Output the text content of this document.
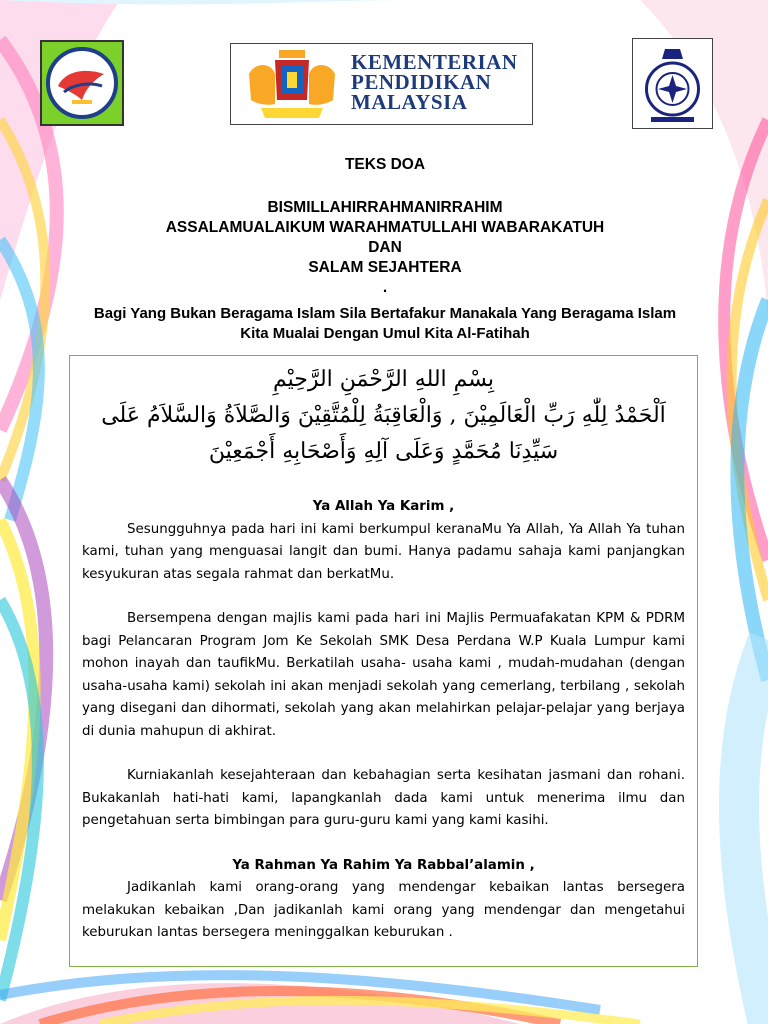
KEMENTERIAN
PENDIDIKAN
MALAYSIA
TEKS DOA
BISMILLAHIRRAHMANIRRAHIM
ASSALAMUALAIKUM WARAHMATULLAHI WABARAKATUH
DAN
SALAM SEJAHTERA
.
Bagi Yang Bukan Beragama Islam Sila Bertafakur Manakala Yang Beragama Islam Kita Mualai Dengan Umul Kita Al-Fatihah
بِسْمِ اللهِ الرَّحْمَنِ الرَّحِيْمِ
اَلْحَمْدُ لِلّٰهِ رَبِّ الْعَالَمِيْنَ , وَالْعَاقِبَةُ لِلْمُتَّقِيْنَ وَالصَّلاَةُ وَالسَّلاَمُ عَلَى
سَيِّدِنَا مُحَمَّدٍ وَعَلَى آلِهِ وَأَصْحَابِهِ أَجْمَعِيْنَ

Ya Allah Ya Karim ,

Sesungguhnya pada hari ini kami berkumpul keranaMu Ya Allah, Ya Allah Ya tuhan kami, tuhan yang menguasai langit dan bumi. Hanya padamu sahaja kami panjangkan kesyukuran atas segala rahmat dan berkatMu.

Bersempena dengan majlis kami pada hari ini Majlis Permuafakatan KPM & PDRM bagi Pelancaran Program Jom Ke Sekolah SMK Desa Perdana W.P Kuala Lumpur kami mohon inayah dan taufikMu. Berkatilah usaha- usaha kami , mudah-mudahan (dengan usaha-usaha kami) sekolah ini akan menjadi sekolah yang cemerlang, terbilang , sekolah yang disegani dan dihormati, sekolah yang akan melahirkan pelajar-pelajar yang berjaya di dunia mahupun di akhirat.

Kurniakanlah kesejahteraan dan kebahagian serta kesihatan jasmani dan rohani. Bukakanlah hati-hati kami, lapangkanlah dada kami untuk menerima ilmu dan pengetahuan serta bimbingan para guru-guru kami yang kami kasihi.

Ya Rahman Ya Rahim Ya Rabbal’alamin ,

Jadikanlah kami orang-orang yang mendengar kebaikan lantas bersegera melakukan kebaikan ,Dan jadikanlah kami orang yang mendengar dan mengetahui keburukan lantas bersegera meninggalkan keburukan .
